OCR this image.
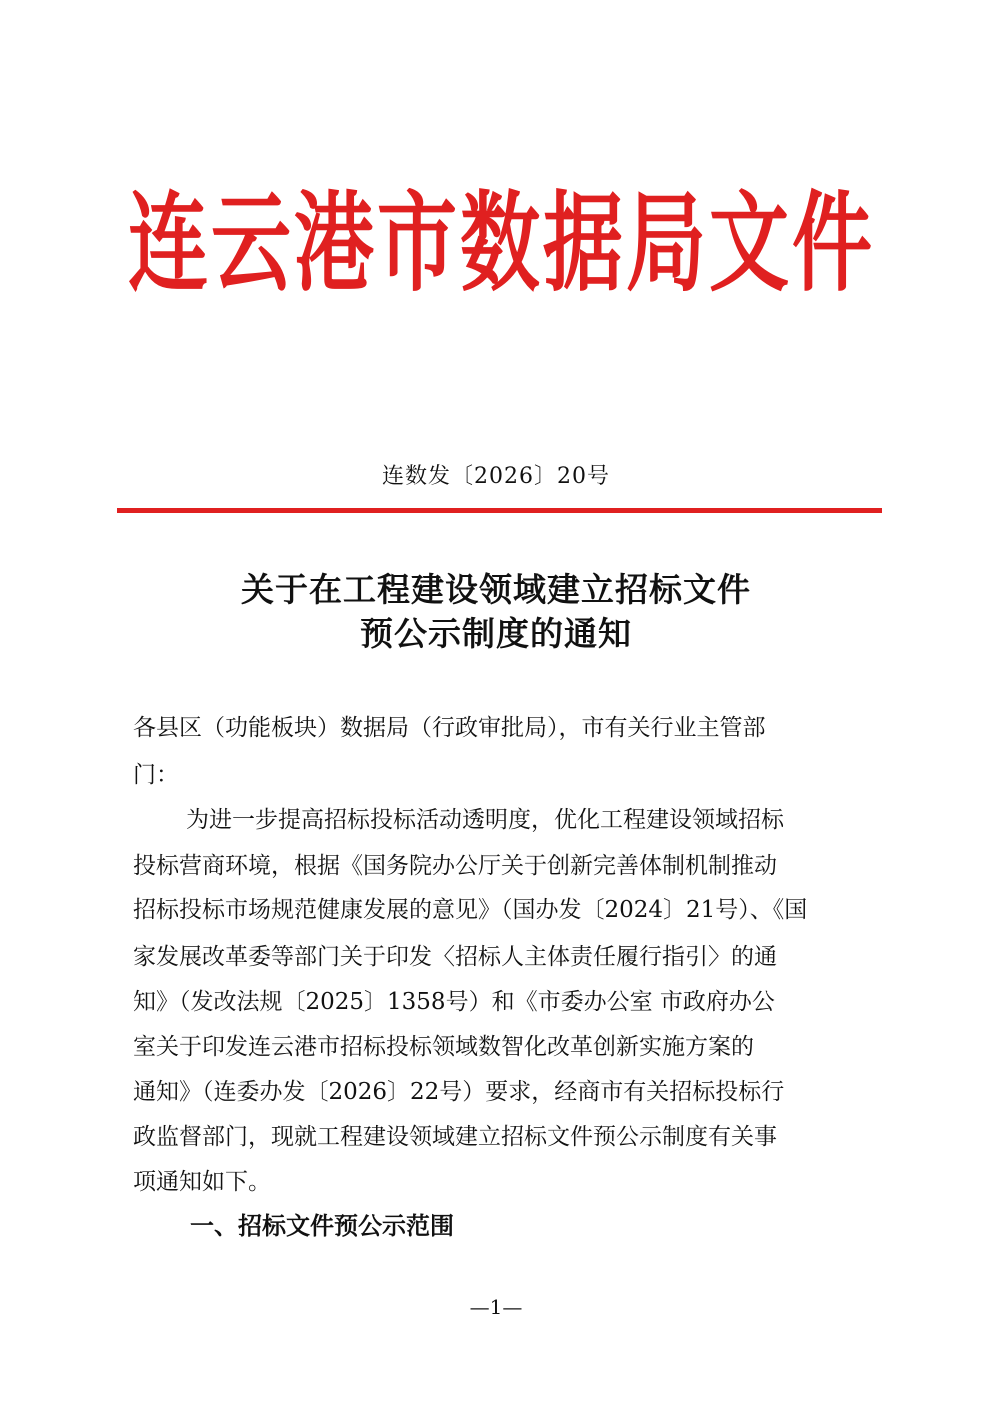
连 云 港 市 数 据 局 文 件

连数发〔2026〕20号

关于在工程建设领域建立招标文件

预公示制度的通知

各县区（功能板块）数据局（行政审批局），市有关行业主管部

门：

为进一步提高招标投标活动透明度，优化工程建设领域招标

投标营商环境，根据《国务院办公厅关于创新完善体制机制推动

招标投标市场规范健康发展的意见》（国办发〔2024〕21号）、《国

家发展改革委等部门关于印发〈招标人主体责任履行指引〉的通

知》（发改法规〔2025〕1358号）和《市委办公室 市政府办公

室关于印发连云港市招标投标领域数智化改革创新实施方案的

通知》（连委办发〔2026〕22号）要求，经商市有关招标投标行

政监督部门，现就工程建设领域建立招标文件预公示制度有关事

项通知如下。

一、招标文件预公示范围

—1—
